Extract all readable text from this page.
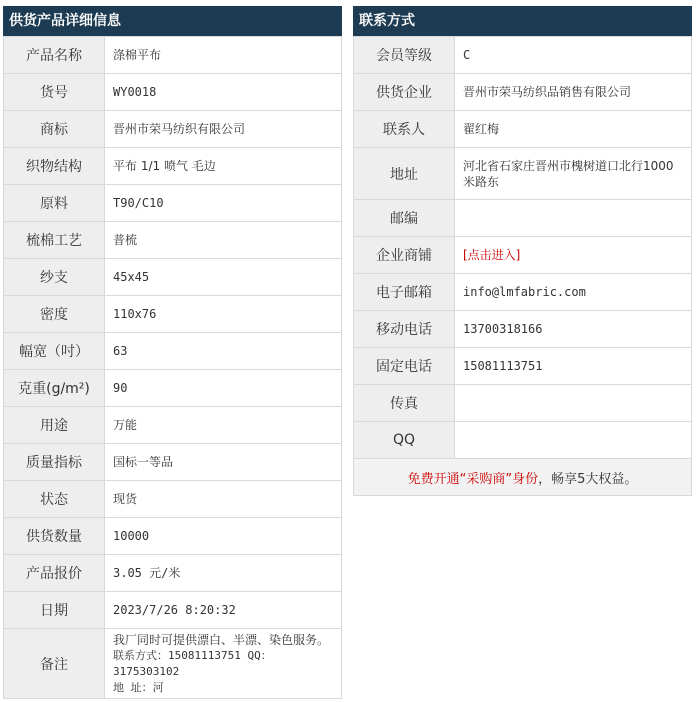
供货产品详细信息
产品名称	涤棉平布
货号	WY0018
商标	晋州市荣马纺织有限公司
织物结构	平布 1/1 喷气 毛边
原料	T90/C10
梳棉工艺	普梳
纱支	45x45
密度	110x76
幅宽（吋）	63
克重(g/m²)	90
用途	万能
质量指标	国标一等品
状态	现货
供货数量	10000
产品报价	3.05 元/米
日期	2023/7/26 8:20:32
备注	我厂同时可提供漂白、半漂、染色服务。
联系方式：15081113751 QQ：3175303102
地 址：河
联系方式
会员等级	C
供货企业	晋州市荣马纺织品销售有限公司
联系人	翟红梅
地址	河北省石家庄晋州市槐树道口北行1000米路东
邮编	
企业商铺	[点击进入]
电子邮箱	info@lmfabric.com
移动电话	13700318166
固定电话	15081113751
传真	
QQ	
免费开通“采购商”身份，畅享5大权益。	
